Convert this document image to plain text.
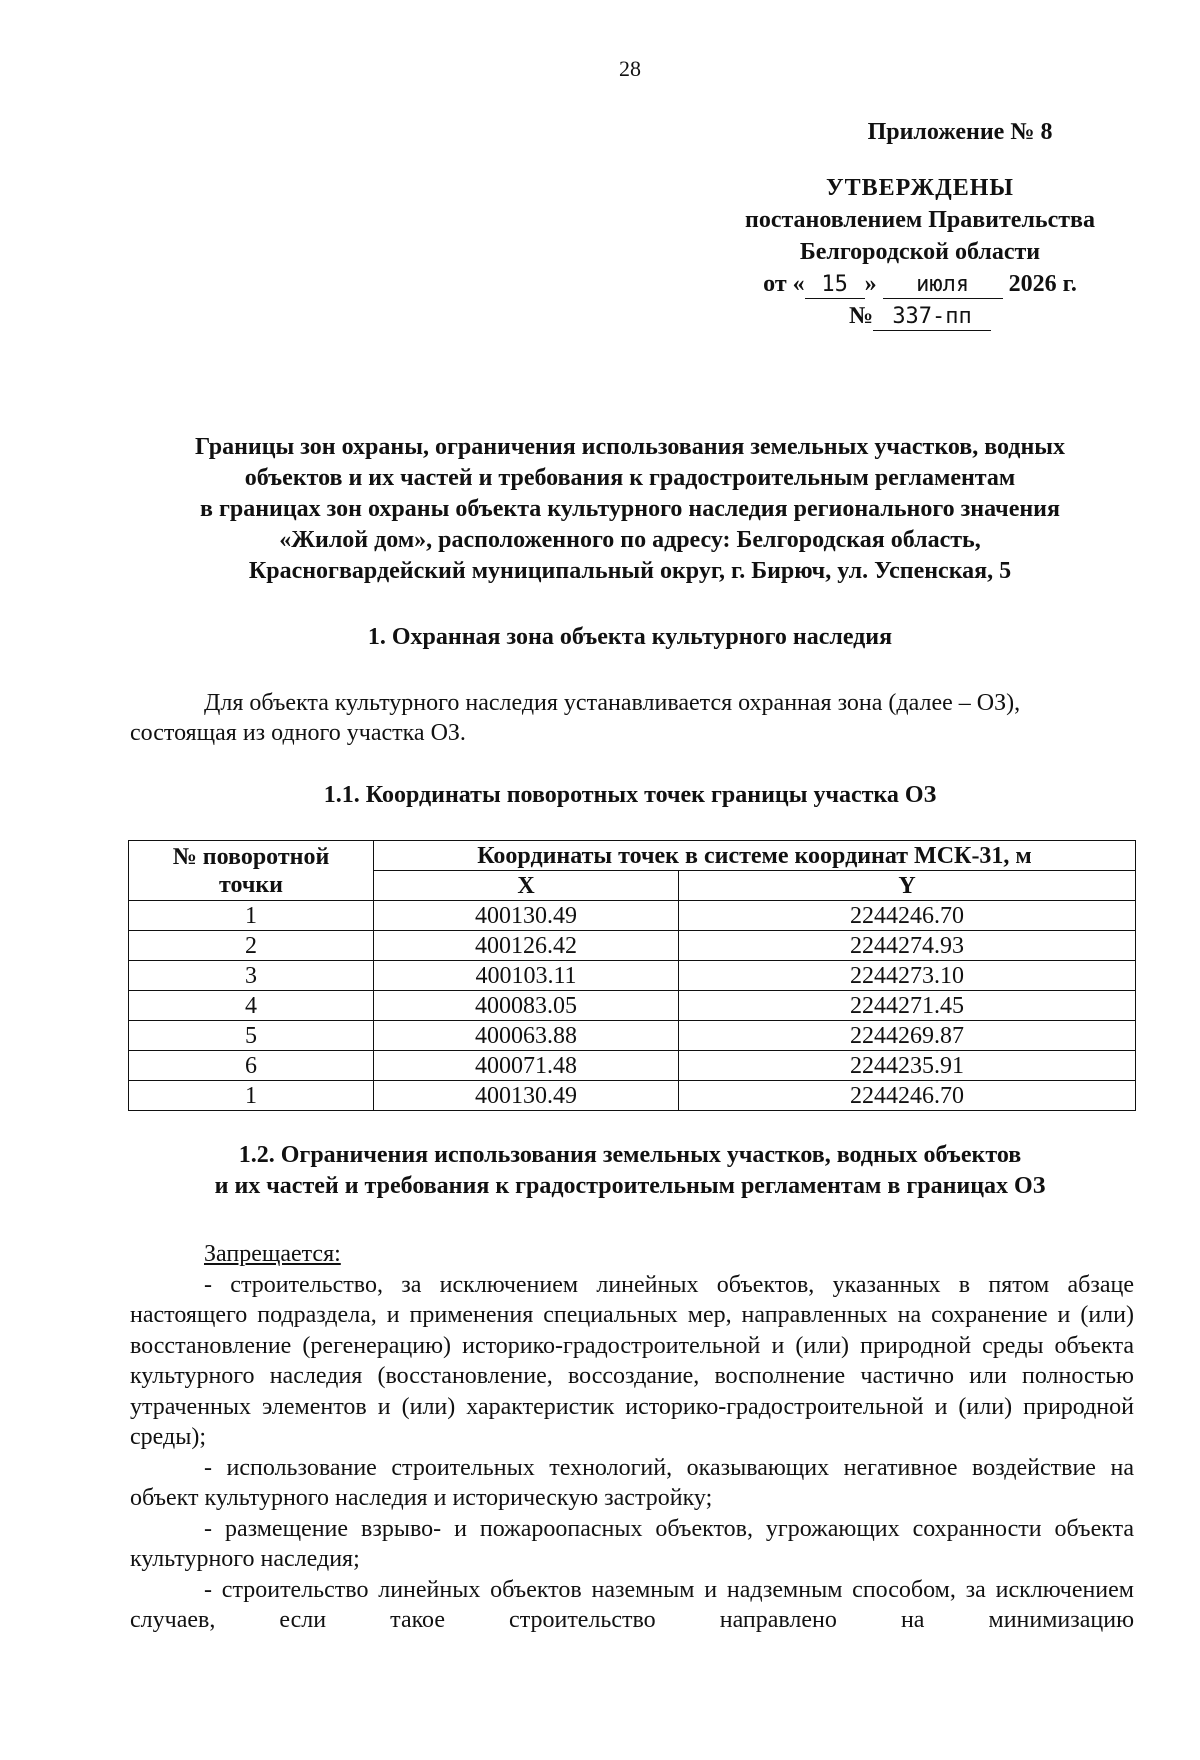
28
Приложение № 8
УТВЕРЖДЕНЫ
постановлением Правительства
Белгородской области
от « 15 » июля 2026 г.
№ 337-пп
Границы зон охраны, ограничения использования земельных участков, водных
объектов и их частей и требования к градостроительным регламентам
в границах зон охраны объекта культурного наследия регионального значения
«Жилой дом», расположенного по адресу: Белгородская область,
Красногвардейский муниципальный округ, г. Бирюч, ул. Успенская, 5
1. Охранная зона объекта культурного наследия
Для объекта культурного наследия устанавливается охранная зона (далее – ОЗ),
состоящая из одного участка ОЗ.
1.1. Координаты поворотных точек границы участка ОЗ
№ поворотной
точки	Координаты точек в системе координат МСК-31, м	
	X	Y
1	400130.49	2244246.70
2	400126.42	2244274.93
3	400103.11	2244273.10
4	400083.05	2244271.45
5	400063.88	2244269.87
6	400071.48	2244235.91
1	400130.49	2244246.70
1.2. Ограничения использования земельных участков, водных объектов
и их частей и требования к градостроительным регламентам в границах ОЗ
Запрещается:
- строительство, за исключением линейных объектов, указанных в пятом абзаце настоящего подраздела, и применения специальных мер, направленных на сохранение и (или) восстановление (регенерацию) историко-градостроительной и (или) природной среды объекта культурного наследия (восстановление, воссоздание, восполнение частично или полностью утраченных элементов и (или) характеристик историко-градостроительной и (или) природной среды);
- использование строительных технологий, оказывающих негативное воздействие на объект культурного наследия и историческую застройку;
- размещение взрыво- и пожароопасных объектов, угрожающих сохранности объекта культурного наследия;
- строительство линейных объектов наземным и надземным способом, за исключением случаев, если такое строительство направлено на минимизацию
